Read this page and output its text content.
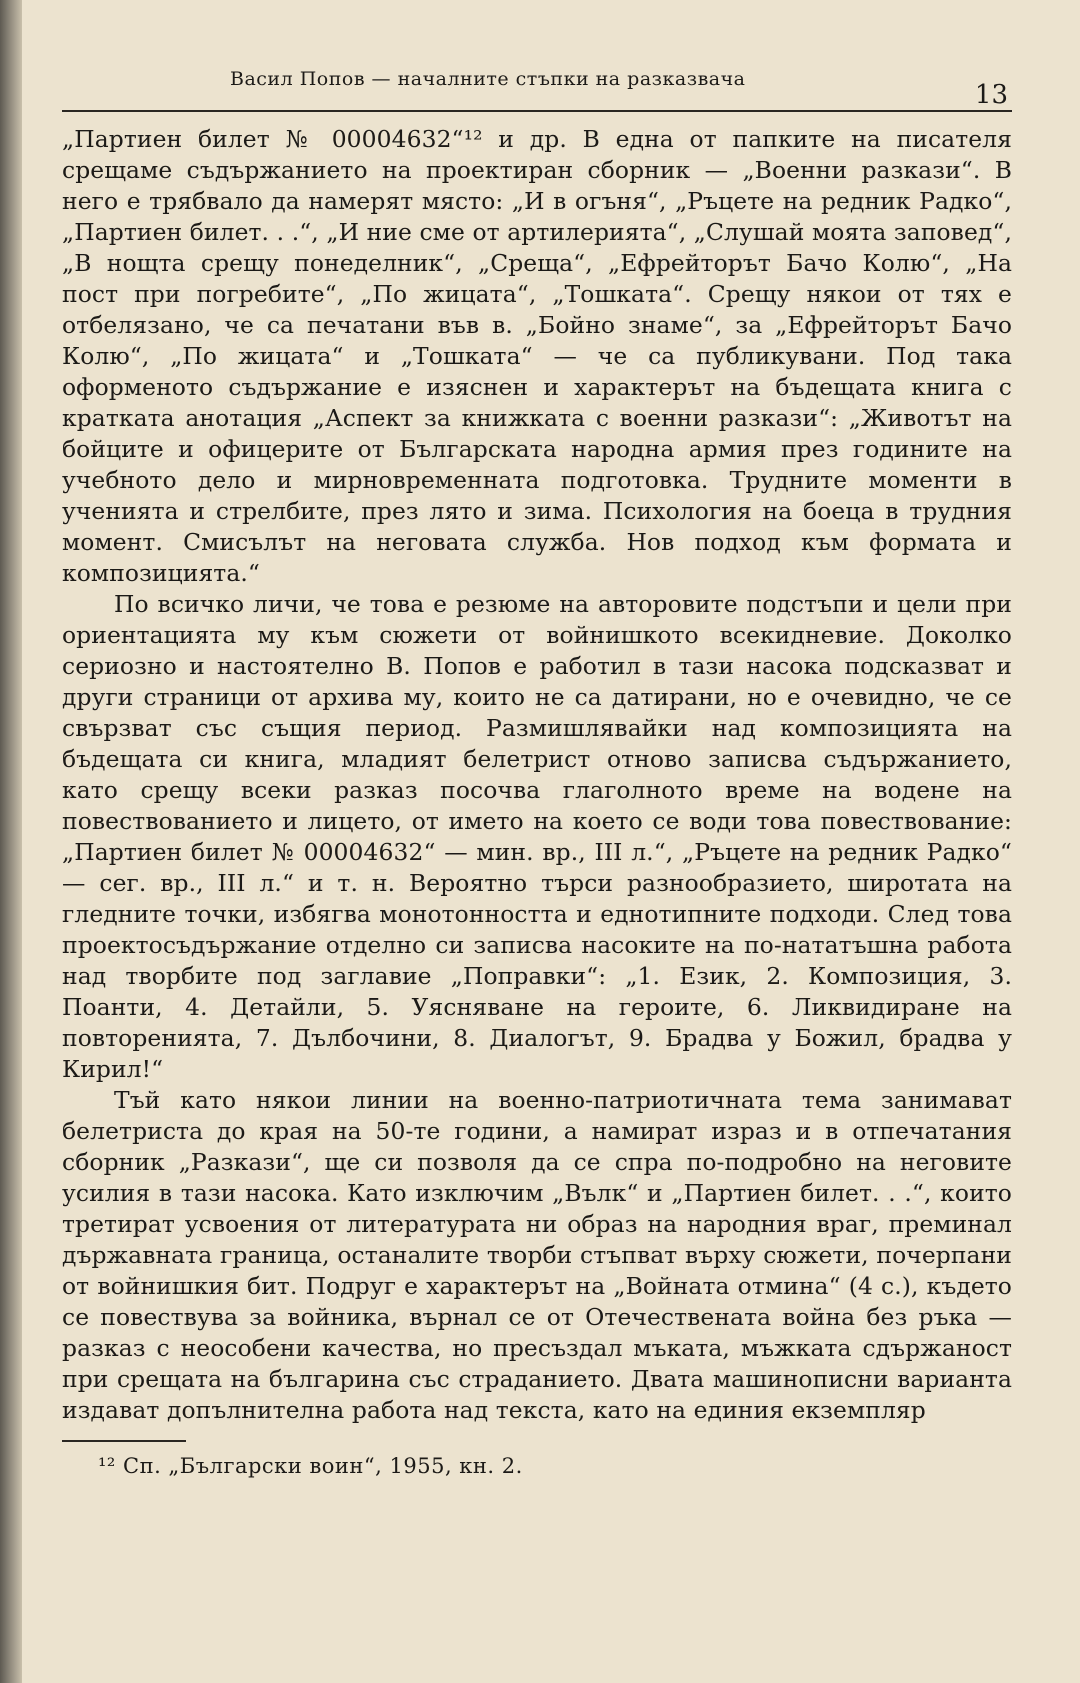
Васил Попов — началните стъпки на разказвача
13

„Партиен билет № 00004632“¹² и др. В една от папките на писателя срещаме съдържанието на проектиран сборник — „Военни разкази“. В него е трябвало да намерят място: „И в огъня“, „Ръцете на редник Радко“, „Партиен билет. . .“, „И ние сме от артилерията“, „Слушай моята заповед“, „В нощта срещу понеделник“, „Среща“, „Ефрейторът Бачо Колю“, „На пост при погребите“, „По жицата“, „Тошката“. Срещу някои от тях е отбелязано, че са печатани във в. „Бойно знаме“, за „Ефрейторът Бачо Колю“, „По жицата“ и „Тошката“ — че са публикувани. Под така оформеното съдържание е изяснен и характерът на бъдещата книга с кратката анотация „Аспект за книжката с военни разкази“: „Животът на бойците и офицерите от Българската народна армия през годините на учебното дело и мирновременната подготовка. Трудните моменти в ученията и стрелбите, през лято и зима. Психология на боеца в трудния момент. Смисълът на неговата служба. Нов подход към формата и композицията.“

По всичко личи, че това е резюме на авторовите подстъпи и цели при ориентацията му към сюжети от войнишкото всекидневие. Доколко сериозно и настоятелно В. Попов е работил в тази насока подсказват и други страници от архива му, които не са датирани, но е очевидно, че се свързват със същия период. Размишлявайки над композицията на бъдещата си книга, младият белетрист отново записва съдържанието, като срещу всеки разказ посочва глаголното време на водене на повествованието и лицето, от името на което се води това повествование: „Партиен билет № 00004632“ — мин. вр., III л.“, „Ръцете на редник Радко“ — сег. вр., III л.“ и т. н. Вероятно търси разнообразието, широтата на гледните точки, избягва монотонността и еднотипните подходи. След това проектосъдържание отделно си записва насоките на по-нататъшна работа над творбите под заглавие „Поправки“: „1. Език, 2. Композиция, 3. Поанти, 4. Детайли, 5. Уясняване на героите, 6. Ликвидиране на повторенията, 7. Дълбочини, 8. Диалогът, 9. Брадва у Божил, брадва у Кирил!“

Тъй като някои линии на военно-патриотичната тема занимават белетриста до края на 50-те години, а намират израз и в отпечатания сборник „Разкази“, ще си позволя да се спра по-подробно на неговите усилия в тази насока. Като изключим „Вълк“ и „Партиен билет. . .“, които третират усвоения от литературата ни образ на народния враг, преминал държавната граница, останалите творби стъпват върху сюжети, почерпани от войнишкия бит. Подруг е характерът на „Войната отмина“ (4 с.), където се повествува за войника, върнал се от Отечествената война без ръка — разказ с неособени качества, но пресъздал мъката, мъжката сдържаност при срещата на българина със страданието. Двата машинописни варианта издават допълнителна работа над текста, като на единия екземпляр

¹² Сп. „Български воин“, 1955, кн. 2.
